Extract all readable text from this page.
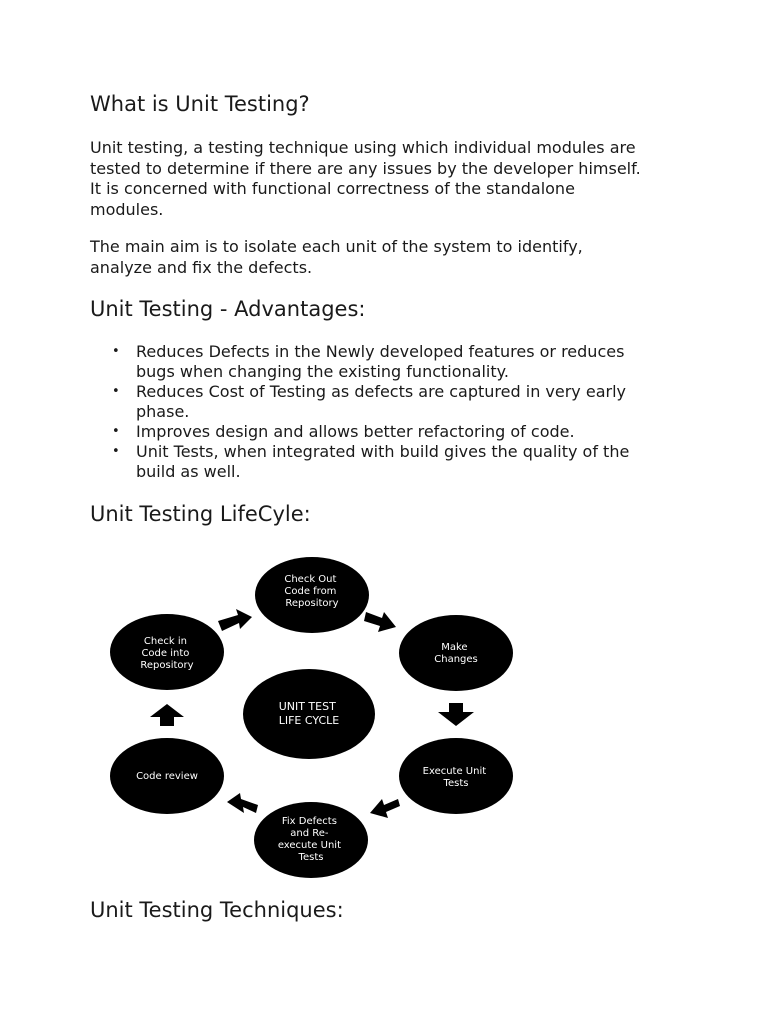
What is Unit Testing?

Unit testing, a testing technique using which individual modules are
tested to determine if there are any issues by the developer himself.
It is concerned with functional correctness of the standalone
modules.

The main aim is to isolate each unit of the system to identify,
analyze and fix the defects.

Unit Testing - Advantages:
• Reduces Defects in the Newly developed features or reduces
bugs when changing the existing functionality.
• Reduces Cost of Testing as defects are captured in very early
phase.
• Improves design and allows better refactoring of code.
• Unit Tests, when integrated with build gives the quality of the
build as well.
Unit Testing LifeCyle:
Unit Testing Techniques:
Check Out Code from Repository
Make Changes
Execute Unit Tests
Fix Defects and Re- execute Unit Tests
Code review
Check in Code into Repository
UNIT TEST LIFE CYCLE
